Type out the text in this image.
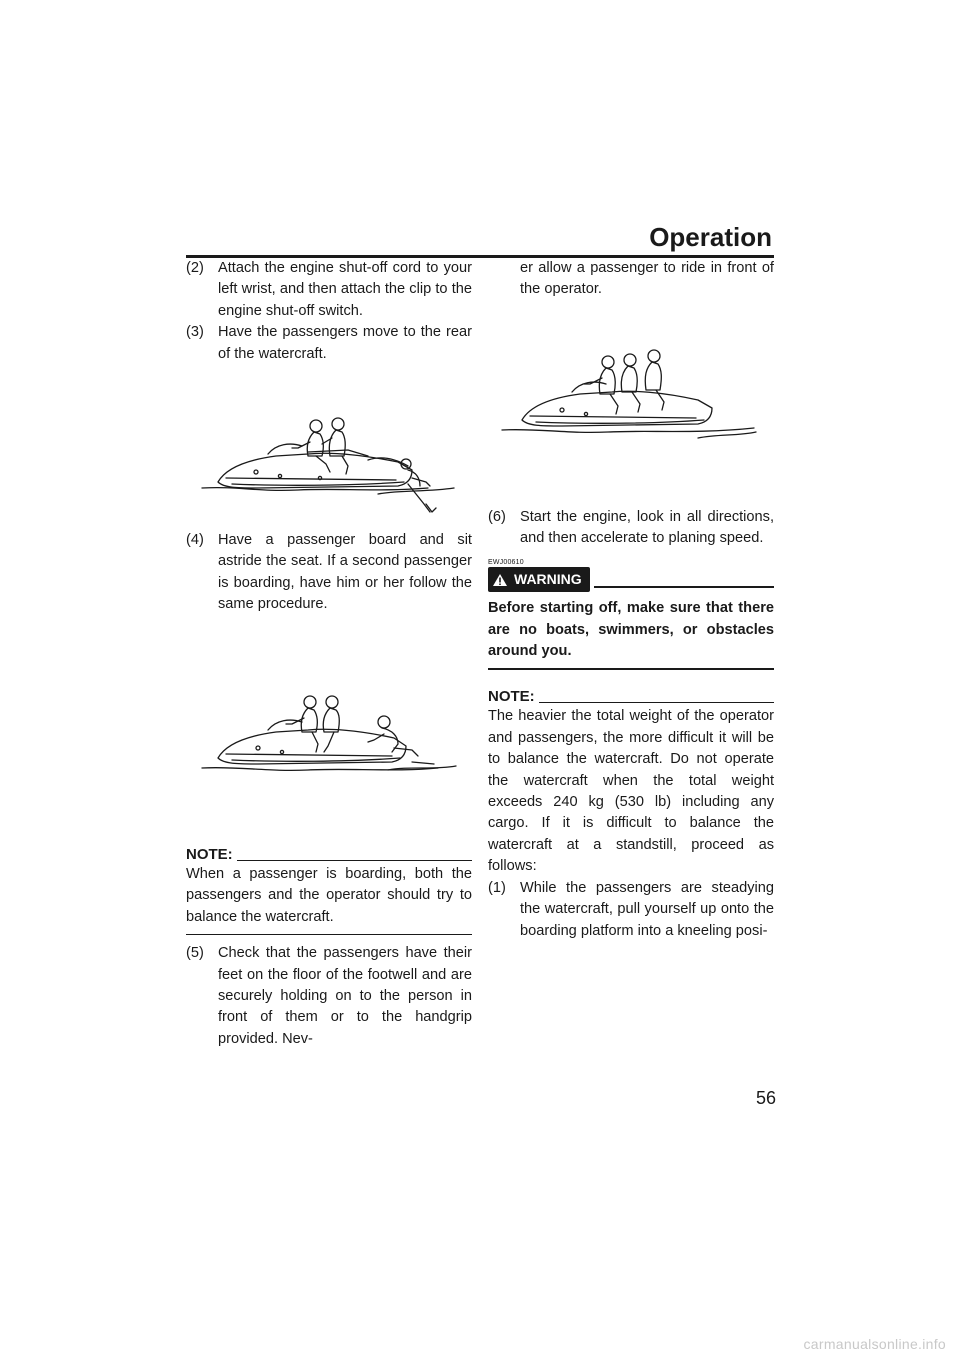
Operation
(2) Attach the engine shut-off cord to your left wrist, and then attach the clip to the engine shut-off switch.
(3) Have the passengers move to the rear of the watercraft.
(4) Have a passenger board and sit astride the seat. If a second passenger is boarding, have him or her follow the same procedure.
NOTE:
When a passenger is boarding, both the passengers and the operator should try to balance the watercraft.
(5) Check that the passengers have their feet on the floor of the footwell and are securely holding on to the person in front of them or to the handgrip provided. Nev-
er allow a passenger to ride in front of the operator.
(6) Start the engine, look in all directions, and then accelerate to planing speed.
EWJ00610
WARNING
Before starting off, make sure that there are no boats, swimmers, or obstacles around you.
NOTE:
The heavier the total weight of the operator and passengers, the more difficult it will be to balance the watercraft. Do not operate the watercraft when the total weight exceeds 240 kg (530 lb) including any cargo. If it is difficult to balance the watercraft at a standstill, proceed as follows:
(1) While the passengers are steadying the watercraft, pull yourself up onto the boarding platform into a kneeling posi-
56
carmanualsonline.info
